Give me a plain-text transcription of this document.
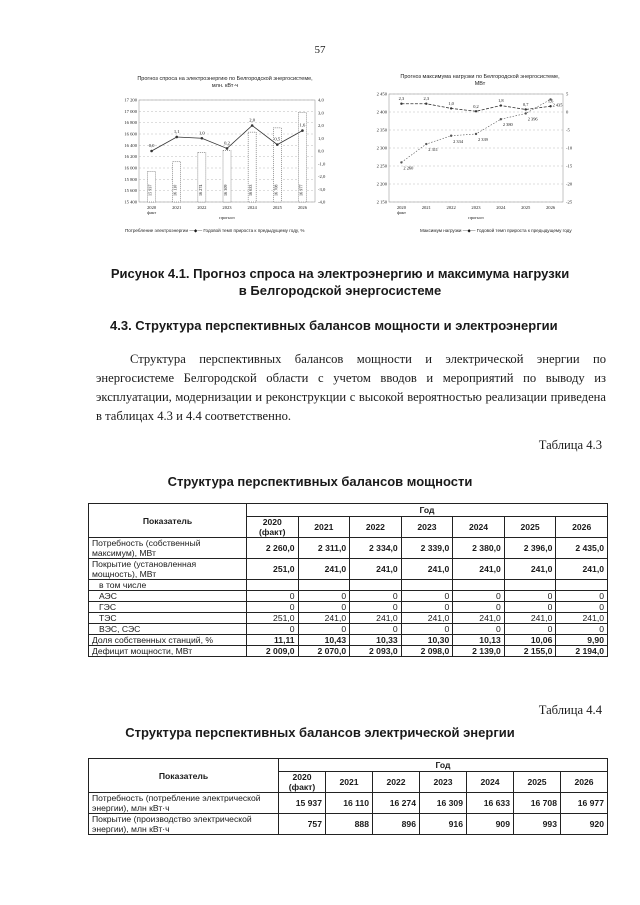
57
Прогноз спроса на электроэнергию по Белгородской энергосистеме, млн. кВт·ч
17 200
17 000
16 800
16 600
16 400
16 200
16 000
15 800
15 600
15 400
4,0
3,0
2,0
1,0
0,0
-1,0
-2,0
-3,0
-4,0
15 937
2020
факт
16 110
2021
16 274
2022
16 309
2023
16 633
2024
16 708
2025
16 977
2026
прогноз
0,0
1,1	1,0
0,2
2,0
0,5
1,6
Потребление электроэнергии —◆— Годовой темп прироста к предыдущему году, %
Прогноз максимума нагрузки по Белгородской энергосистеме, МВт
2 450
2 400
2 350
2 300
2 250
2 200
2 150
5
0
-5
-10
-15
-20
-25
2020
факт
2021	2022	2023	2024	2025	2026
прогноз
2 260
2 311
2 334	2 339
2 380
2 396
2 435
2,3	2,3
1,0
0,2
1,8
0,7
1,6
Максимум нагрузки —◆— Годовой темп прироста к предыдущему году
Рисунок 4.1. Прогноз спроса на электроэнергию и максимума нагрузки
в Белгородской энергосистеме
4.3. Структура перспективных балансов мощности и электроэнергии
Структура перспективных балансов мощности и электрической энергии по энергосистеме Белгородской области с учетом вводов и мероприятий по выводу из эксплуатации, модернизации и реконструкции с высокой вероятностью реализации приведена в таблицах 4.3 и 4.4 соответственно.
Таблица 4.3
Структура перспективных балансов мощности
Показатель	Год						
	2020 (факт)	2021	2022	2023	2024	2025	2026
Потребность (собственный максимум), МВт	2 260,0	2 311,0	2 334,0	2 339,0	2 380,0	2 396,0	2 435,0
Покрытие (установленная мощность), МВт	251,0	241,0	241,0	241,0	241,0	241,0	241,0
в том числе							
АЭС	0	0	0	0	0	0	0
ГЭС	0	0	0	0	0	0	0
ТЭС	251,0	241,0	241,0	241,0	241,0	241,0	241,0
ВЭС, СЭС	0	0	0	0	0	0	0
Доля собственных станций, %	11,11	10,43	10,33	10,30	10,13	10,06	9,90
Дефицит мощности, МВт	2 009,0	2 070,0	2 093,0	2 098,0	2 139,0	2 155,0	2 194,0
Таблица 4.4
Структура перспективных балансов электрической энергии
Показатель	Год						
	2020 (факт)	2021	2022	2023	2024	2025	2026
Потребность (потребление электрической энергии), млн кВт·ч	15 937	16 110	16 274	16 309	16 633	16 708	16 977
Покрытие (производство электрической энергии), млн кВт·ч	757	888	896	916	909	993	920
